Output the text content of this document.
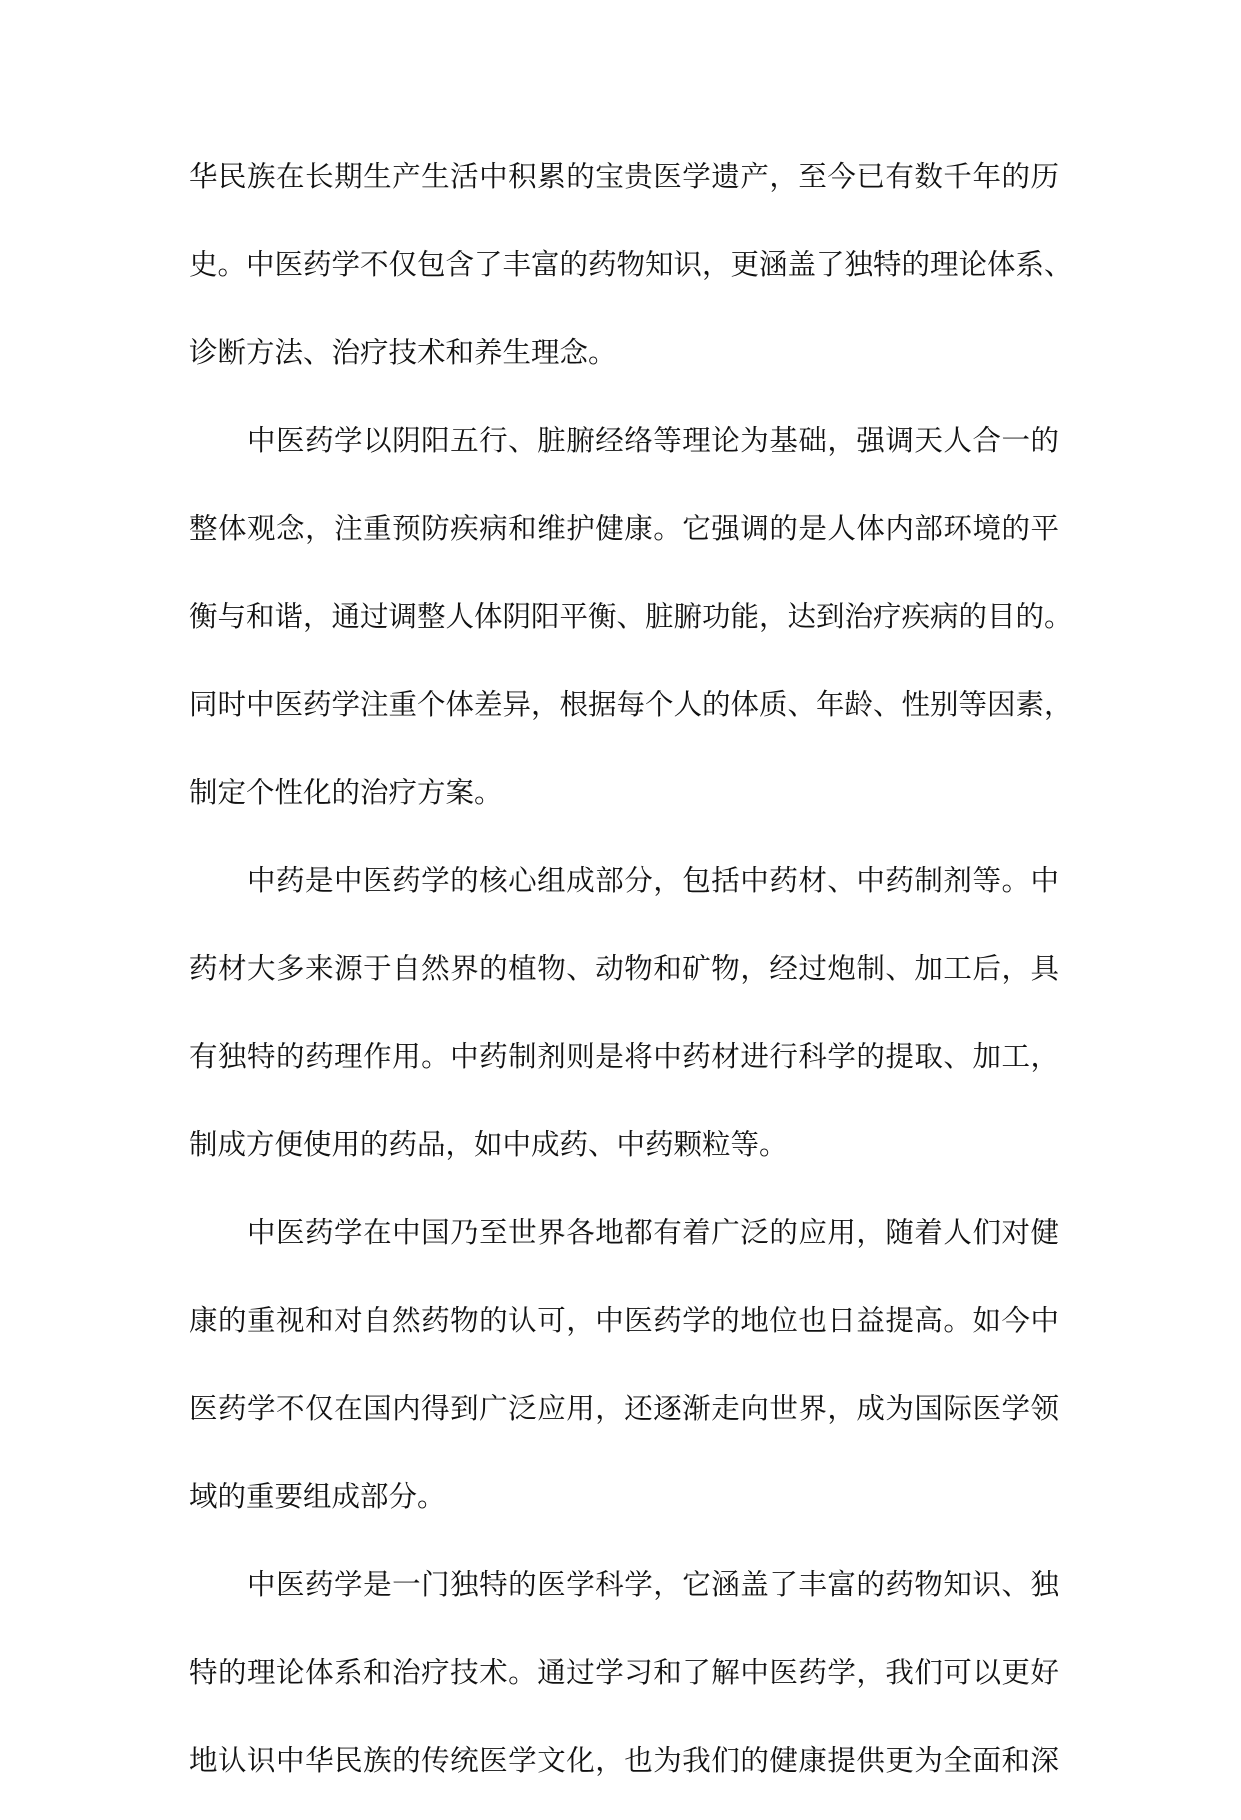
华民族在长期生产生活中积累的宝贵医学遗产，至今已有数千年的历
史。中医药学不仅包含了丰富的药物知识，更涵盖了独特的理论体系、
诊断方法、治疗技术和养生理念。
中医药学以阴阳五行、脏腑经络等理论为基础，强调天人合一的
整体观念，注重预防疾病和维护健康。它强调的是人体内部环境的平
衡与和谐，通过调整人体阴阳平衡、脏腑功能，达到治疗疾病的目的。
同时中医药学注重个体差异，根据每个人的体质、年龄、性别等因素，
制定个性化的治疗方案。
中药是中医药学的核心组成部分，包括中药材、中药制剂等。中
药材大多来源于自然界的植物、动物和矿物，经过炮制、加工后，具
有独特的药理作用。中药制剂则是将中药材进行科学的提取、加工，
制成方便使用的药品，如中成药、中药颗粒等。
中医药学在中国乃至世界各地都有着广泛的应用，随着人们对健
康的重视和对自然药物的认可，中医药学的地位也日益提高。如今中
医药学不仅在国内得到广泛应用，还逐渐走向世界，成为国际医学领
域的重要组成部分。
中医药学是一门独特的医学科学，它涵盖了丰富的药物知识、独
特的理论体系和治疗技术。通过学习和了解中医药学，我们可以更好
地认识中华民族的传统医学文化，也为我们的健康提供更为全面和深
